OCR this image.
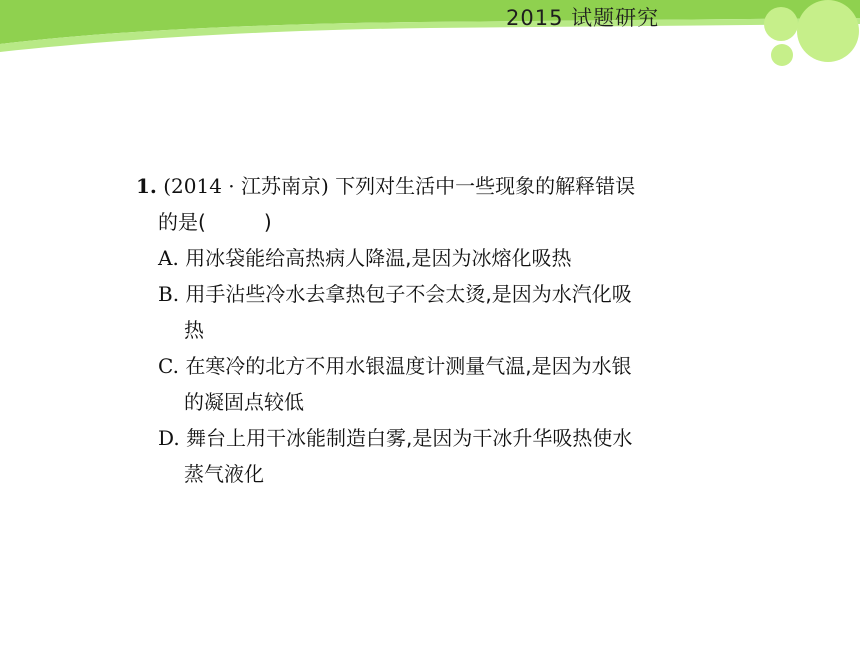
2015 试题研究
1. (2014 · 江苏南京) 下列对生活中一些现象的解释错误
的是(	)
A. 用冰袋能给高热病人降温,是因为冰熔化吸热
B. 用手沾些冷水去拿热包子不会太烫,是因为水汽化吸
热
C. 在寒冷的北方不用水银温度计测量气温,是因为水银
的凝固点较低
D. 舞台上用干冰能制造白雾,是因为干冰升华吸热使水
蒸气液化
